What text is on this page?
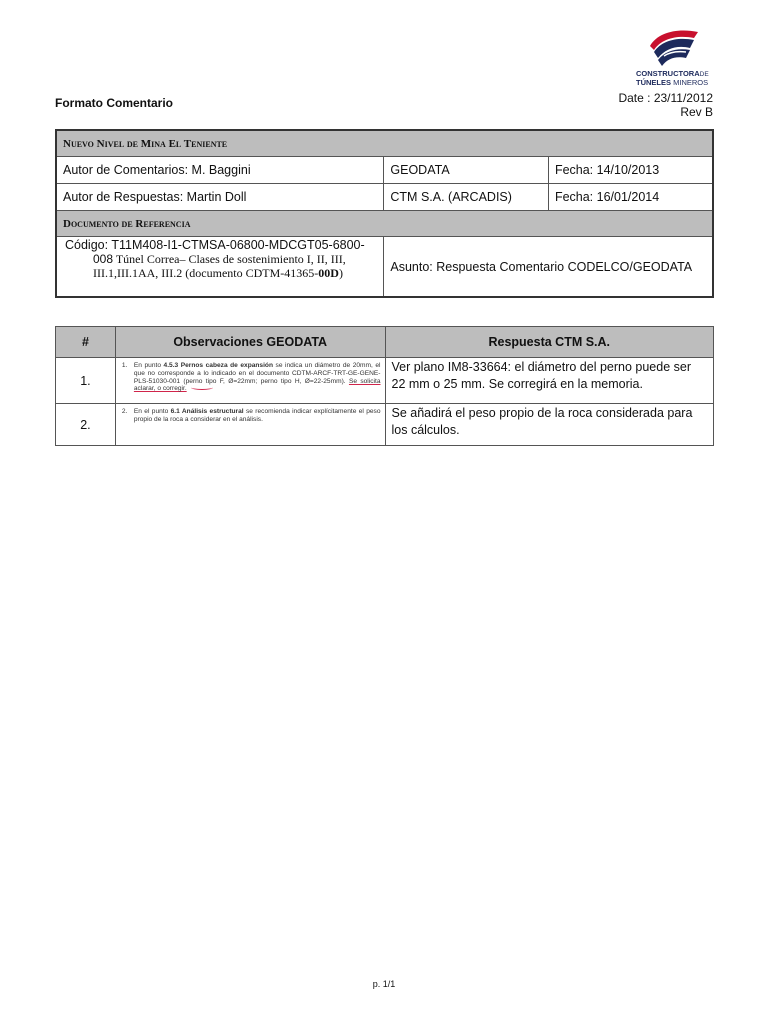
CONSTRUCTORADE
TÚNELES MINEROS
Formato Comentario	Date : 23/11/2012
Rev B
Nuevo Nivel de Mina El Teniente		
Autor de Comentarios: M. Baggini	GEODATA	Fecha: 14/10/2013
Autor de Respuestas: Martin Doll	CTM S.A. (ARCADIS)	Fecha: 16/01/2014
Documento de Referencia		

Código: T11M408-I1-CTMSA-06800-MDCGT05-6800-
008 Túnel Correa– Clases de sostenimiento I, II, III,
III.1,III.1AA, III.2 (documento CDTM-41365-00D)	Asunto: Respuesta Comentario CODELCO/GEODATA	
#	Observaciones GEODATA	Respuesta CTM S.A.
1.	1. En punto 4.5.3 Pernos cabeza de expansión se indica un diámetro de 20mm, el que no corresponde a lo indicado en el documento CDTM-ARCF-TRT-GE-GENE-PLS-51030-001 (perno tipo F, Ø=22mm; perno tipo H, Ø=22-25mm). Se solicita aclarar, o corregir.	Ver plano IM8-33664: el diámetro del perno puede ser 22 mm o 25 mm. Se corregirá en la memoria.
2.	2. En el punto 6.1 Análisis estructural se recomienda indicar explícitamente el peso propio de la roca a considerar en el análisis.	Se añadirá el peso propio de la roca considerada para los cálculos.
p. 1/1
